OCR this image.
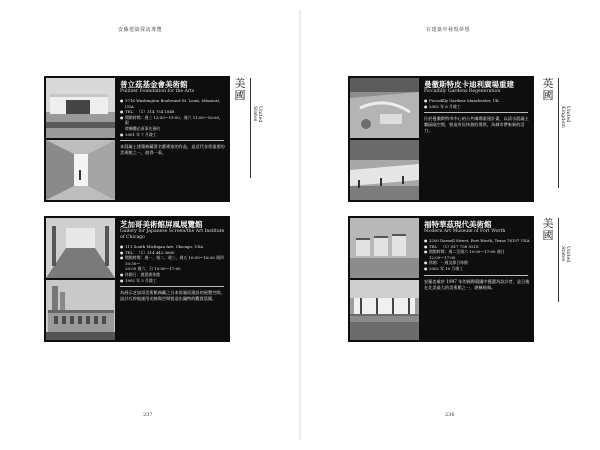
安藤建築探訪導覽
普立茲基金會美術館
Pulitzer Foundation for the Arts
● 3716 Washington Boulevard St. Louis, Missouri, USA
● TEL：（1）314 754 1848
● 開館時間：週三 13:00～19:00，週六 11:00～16:00，限
時團體必須事先預約
● 2001 年 7 月竣工
本混凝土建築典藏著名藝術家的作品，是近代非常重要的美術館之一，值得一看。
美國
United States
芝加哥美術館屏風展覽館
Gallery for Japanese Screen/the Art Institute of Chicago
● 111 South Michigan Ave. Chicago, USA
● TEL：（1）314 443 3600
● 開館時間：週一、週二、週三、週五 10:30～16:30 週四 10:30～
20:00 週六、日 10:00～17:00
● 休館日：感恩節休館
● 1992 年 5 月竣工
為展示芝加哥美術館典藏之日本屏風而建設的展覽空間，設計巧妙地運用光線與空間營造出獨特的觀賞氛圍。
237
在建築中發現夢想
曼徹斯特皮卡迪利廣場重建
Piccadilly Gardens Regeneration
● Piccadilly Gardens Manchester, UK
● 2002 年 6 月竣工
位於曼徹斯特市中心的公共廣場重建計畫，以清水混凝土牆區隔空間，營造市民休憩的場所，為城市帶來新的活力。
英國
United Kingdom
福特華茲現代美術館
Modern Art Museum of Fort Worth
● 3200 Darnell Street, Fort Worth, Texas 76107 USA
● TEL：（1）817 738 9215
● 開館時間：週二至週六 10:00～17:00 週日
12:00～17:00
● 休館：一週及節日休館
● 2002 年 10 月竣工
安藤忠雄於 1997 年的國際競圖中獲選為設計者，是日後在北美最大的美術館之一，堪稱經典。
美國
United States
236
